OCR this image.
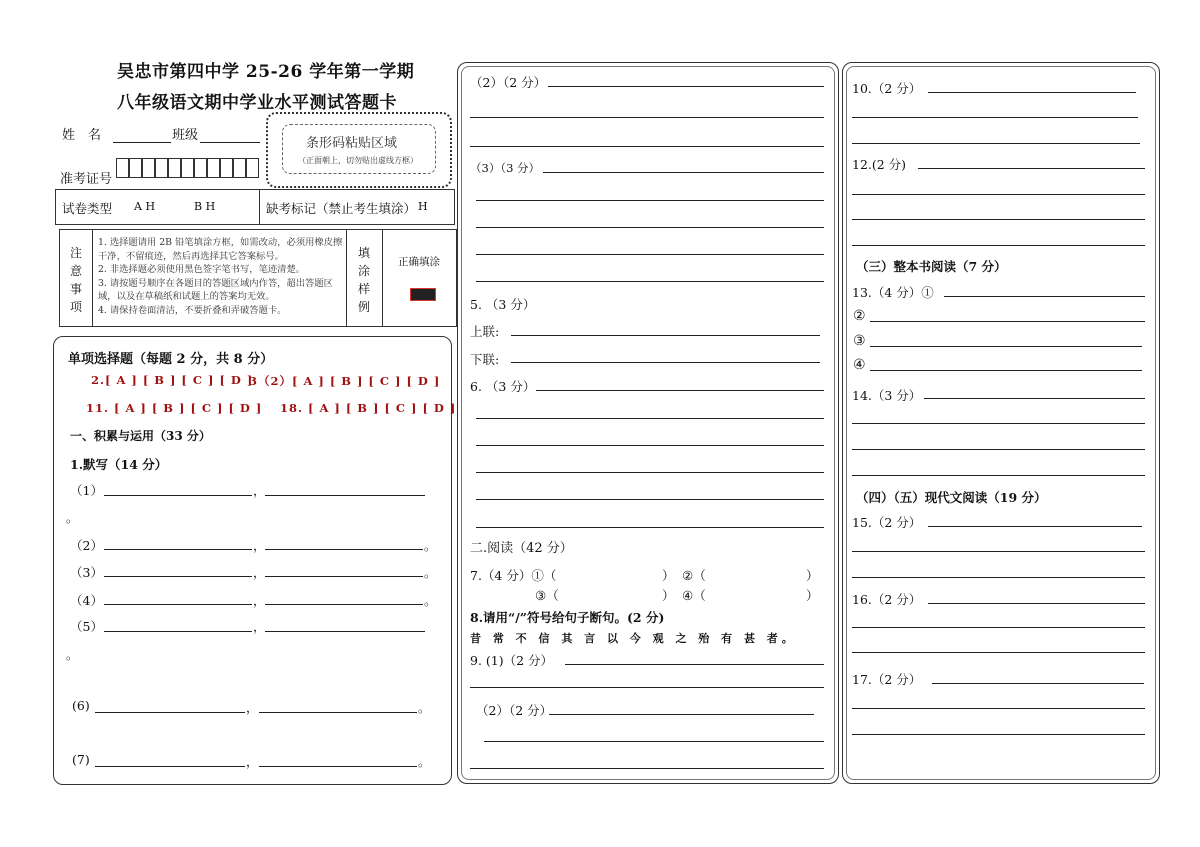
吴忠市第四中学 25-26 学年第一学期
八年级语文期中学业水平测试答题卡
姓　名	班级
准考证号
条形码粘贴区域
（正面朝上，切勿贴出虚线方框）
试卷类型 A H	B H	缺考标记（禁止考生填涂） H
注意事项
1. 选择题请用 2B 铅笔填涂方框，如需改动，必须用橡皮擦干净，不留痕迹，然后再选择其它答案标号。
2. 非选择题必须使用黑色签字笔书写，笔迹清楚。
3. 请按题号顺序在各题目的答题区域内作答，超出答题区域，以及在草稿纸和试题上的答案均无效。
4. 请保持卷面清洁，不要折叠和弄破答题卡。
填涂样例
正确填涂
单项选择题（每题 2 分，共 8 分）
2.[ A ] [ B ] [ C ] [ D ]
3（2）[ A ] [ B ] [ C ] [ D ]
11. [ A ] [ B ] [ C ] [ D ] 18. [ A ] [ B ] [ C ] [ D ]
一、积累与运用（33 分）
1.默写（14 分）
（1）	，
。
（2）	，	。
（3）	，	。
（4）	，	。
（5）	，
。
(6)	，	。
(7)	，	。
（2）（2 分）
（3）（3 分）
5. （3 分）
上联:
下联:
6. （3 分）
二.阅读（42 分）
7.（4 分）①（	） ②（	）
③（	） ④（	）
8.请用“/”符号给句子断句。(2 分)
昔 常 不 信 其 言 以 今 观 之 殆 有 甚 者。
9. (1)（2 分）
（2）（2 分）
10.（2 分）
12.(2 分)
（三）整本书阅读（7 分）
13.（4 分）①
②
③
④
14.（3 分）
（四）（五）现代文阅读（19 分）
15.（2 分）
16.（2 分）
17.（2 分）
